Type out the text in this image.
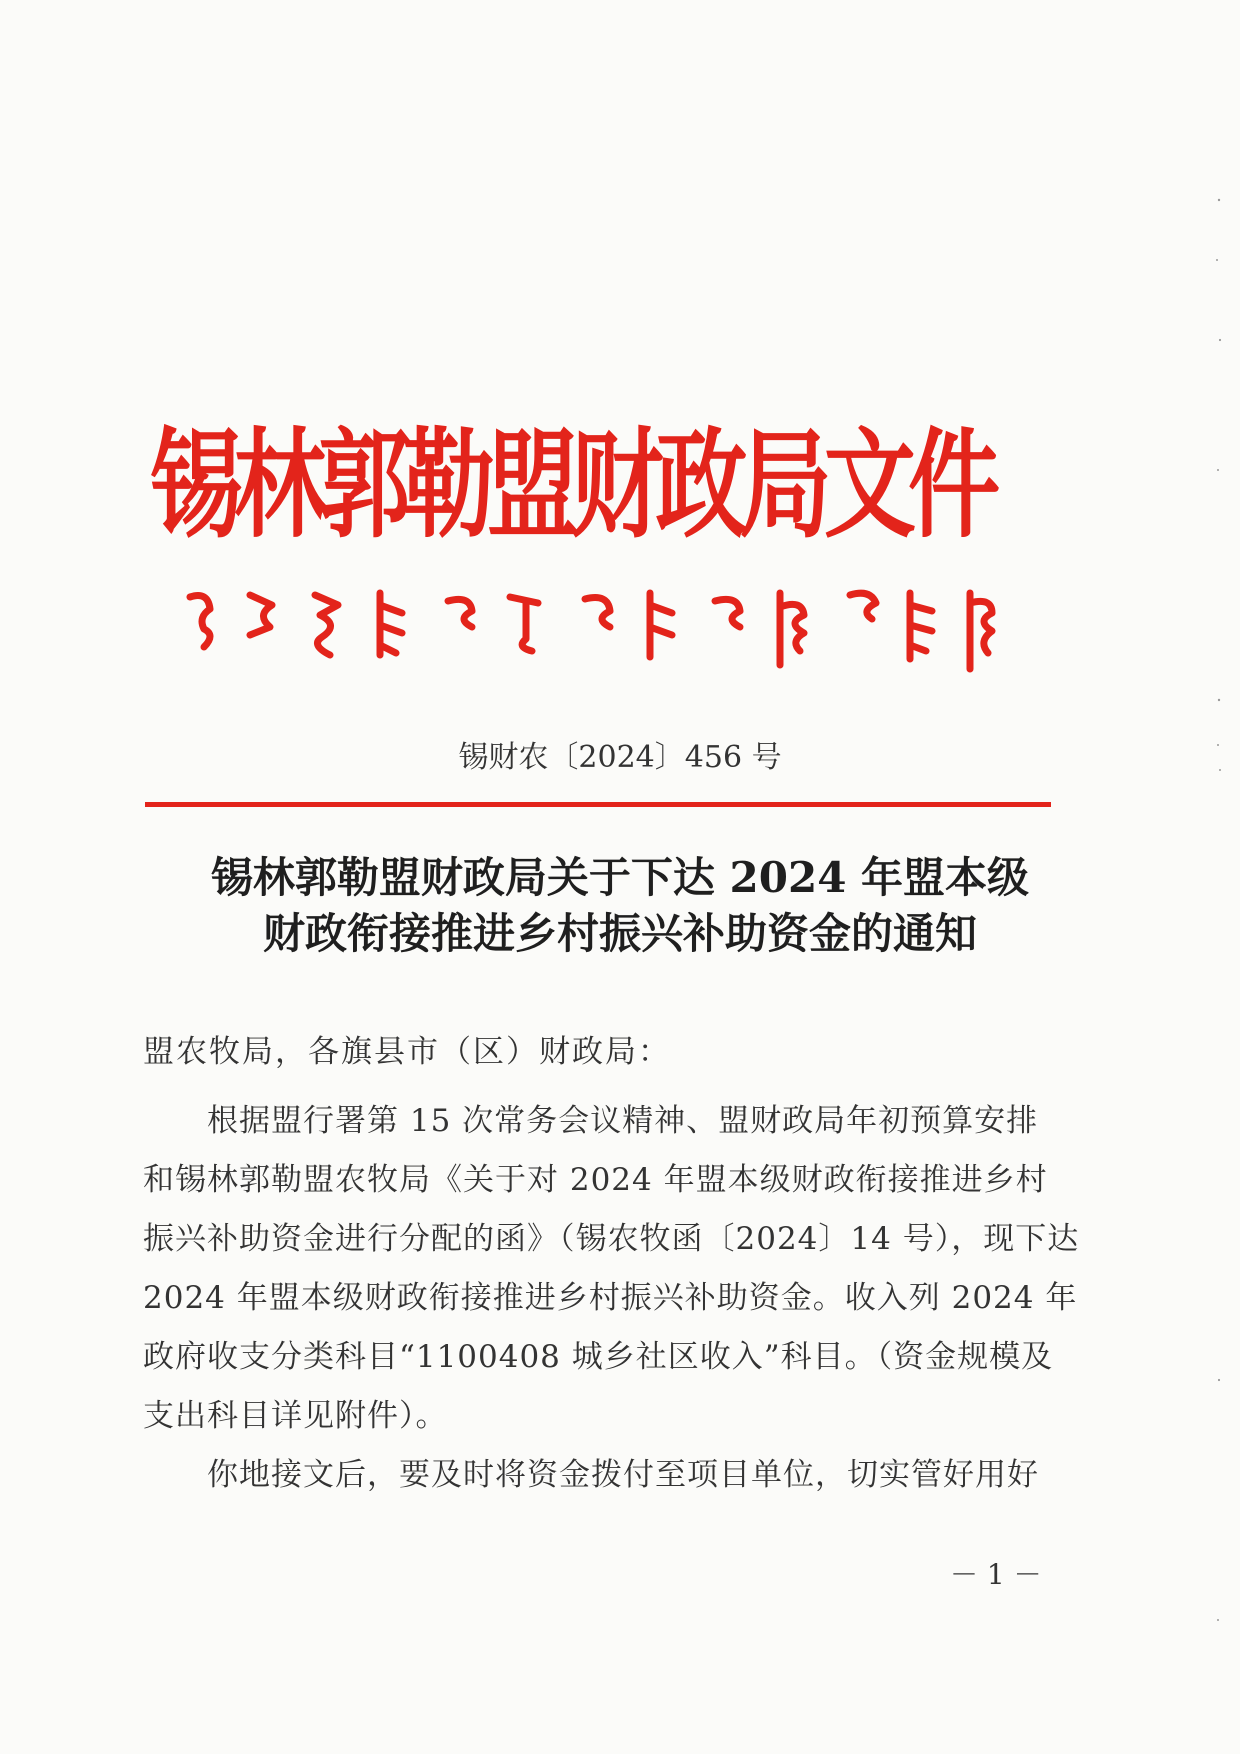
锡林郭勒盟财政局文件
锡财农〔2024〕456 号
锡林郭勒盟财政局关于下达 2024 年盟本级
财政衔接推进乡村振兴补助资金的通知
盟农牧局，各旗县市（区）财政局：
根据盟行署第 15 次常务会议精神、盟财政局年初预算安排
和锡林郭勒盟农牧局《关于对 2024 年盟本级财政衔接推进乡村
振兴补助资金进行分配的函》（锡农牧函〔2024〕14 号），现下达
2024 年盟本级财政衔接推进乡村振兴补助资金。收入列 2024 年
政府收支分类科目“1100408 城乡社区收入”科目。（资金规模及
支出科目详见附件）。
你地接文后，要及时将资金拨付至项目单位，切实管好用好
－ 1 －
